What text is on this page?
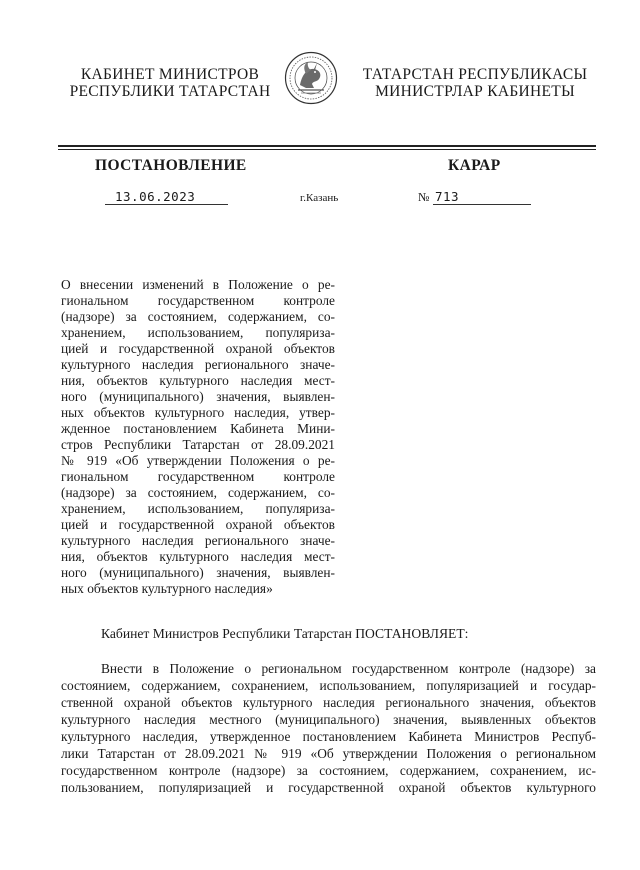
КАБИНЕТ МИНИСТРОВ
РЕСПУБЛИКИ ТАТАРСТАН
ТАТАРСТАН РЕСПУБЛИКАСЫ
МИНИСТРЛАР КАБИНЕТЫ
ПОСТАНОВЛЕНИЕ	КАРАР
13.06.2023	г.Казань	№ 713

О внесении изменений в Положение о ре-
гиональном государственном контроле
(надзоре) за состоянием, содержанием, со-
хранением, использованием, популяриза-
цией и государственной охраной объектов
культурного наследия регионального значе-
ния, объектов культурного наследия мест-
ного (муниципального) значения, выявлен-
ных объектов культурного наследия, утвер-
жденное постановлением Кабинета Мини-
стров Республики Татарстан от 28.09.2021
№ 919 «Об утверждении Положения о ре-
гиональном государственном контроле
(надзоре) за состоянием, содержанием, со-
хранением, использованием, популяриза-
цией и государственной охраной объектов
культурного наследия регионального значе-
ния, объектов культурного наследия мест-
ного (муниципального) значения, выявлен-
ных объектов культурного наследия»

Кабинет Министров Республики Татарстан ПОСТАНОВЛЯЕТ:

Внести в Положение о региональном государственном контроле (надзоре) за
состоянием, содержанием, сохранением, использованием, популяризацией и государ-
ственной охраной объектов культурного наследия регионального значения, объектов
культурного наследия местного (муниципального) значения, выявленных объектов
культурного наследия, утвержденное постановлением Кабинета Министров Респуб-
лики Татарстан от 28.09.2021 № 919 «Об утверждении Положения о региональном
государственном контроле (надзоре) за состоянием, содержанием, сохранением, ис-
пользованием, популяризацией и государственной охраной объектов культурного
